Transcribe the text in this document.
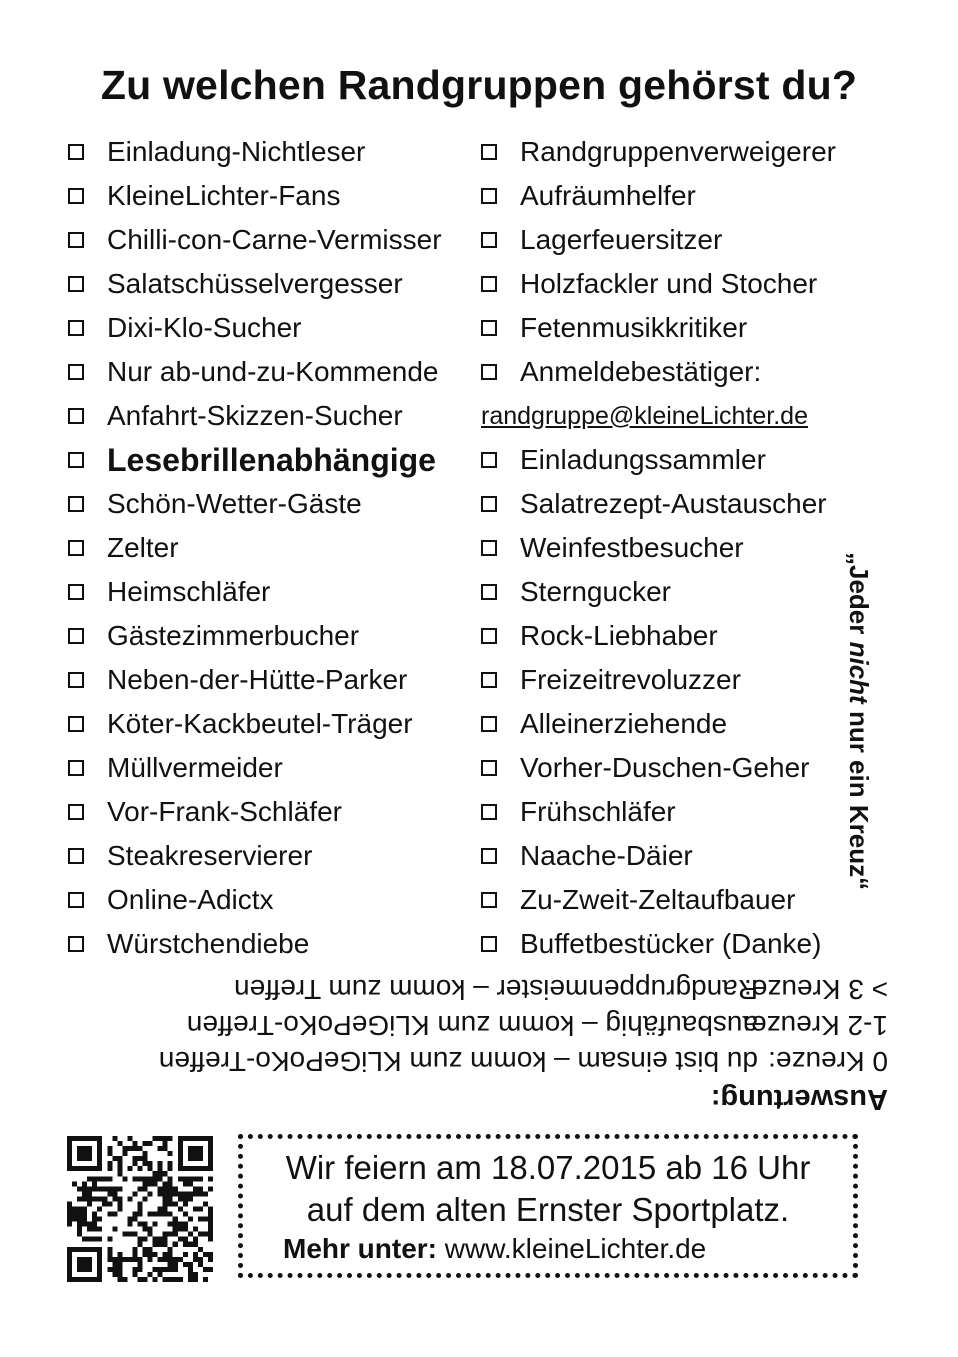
Zu welchen Randgruppen gehörst du?
Einladung-Nichtleser
KleineLichter-Fans
Chilli-con-Carne-Vermisser
Salatschüsselvergesser
Dixi-Klo-Sucher
Nur ab-und-zu-Kommende
Anfahrt-Skizzen-Sucher
Lesebrillenabhängige
Schön-Wetter-Gäste
Zelter
Heimschläfer
Gästezimmerbucher
Neben-der-Hütte-Parker
Köter-Kackbeutel-Träger
Müllvermeider
Vor-Frank-Schläfer
Steakreservierer
Online-Adictx
Würstchendiebe
Randgruppenverweigerer
Aufräumhelfer
Lagerfeuersitzer
Holzfackler und Stocher
Fetenmusikkritiker
Anmeldebestätiger:
randgruppe@kleineLichter.de
Einladungssammler
Salatrezept-Austauscher
Weinfestbesucher
Sterngucker
Rock-Liebhaber
Freizeitrevoluzzer
Alleinerziehende
Vorher-Duschen-Geher
Frühschläfer
Naache-Däier
Zu-Zweit-Zeltaufbauer
Buffetbestücker (Danke)
„Jeder nicht nur ein Kreuz“
Auswertung:
0 Kreuze:du bist einsam – komm zum KLiGePoKo-Treffen
1-2 Kreuze:ausbaufähig – komm zum KLiGePoKo-Treffen
> 3 Kreuze:Randgruppenmeister – komm zum Treffen
Wir feiern am 18.07.2015 ab 16 Uhr
auf dem alten Ernster Sportplatz.
Mehr unter: www.kleineLichter.de
